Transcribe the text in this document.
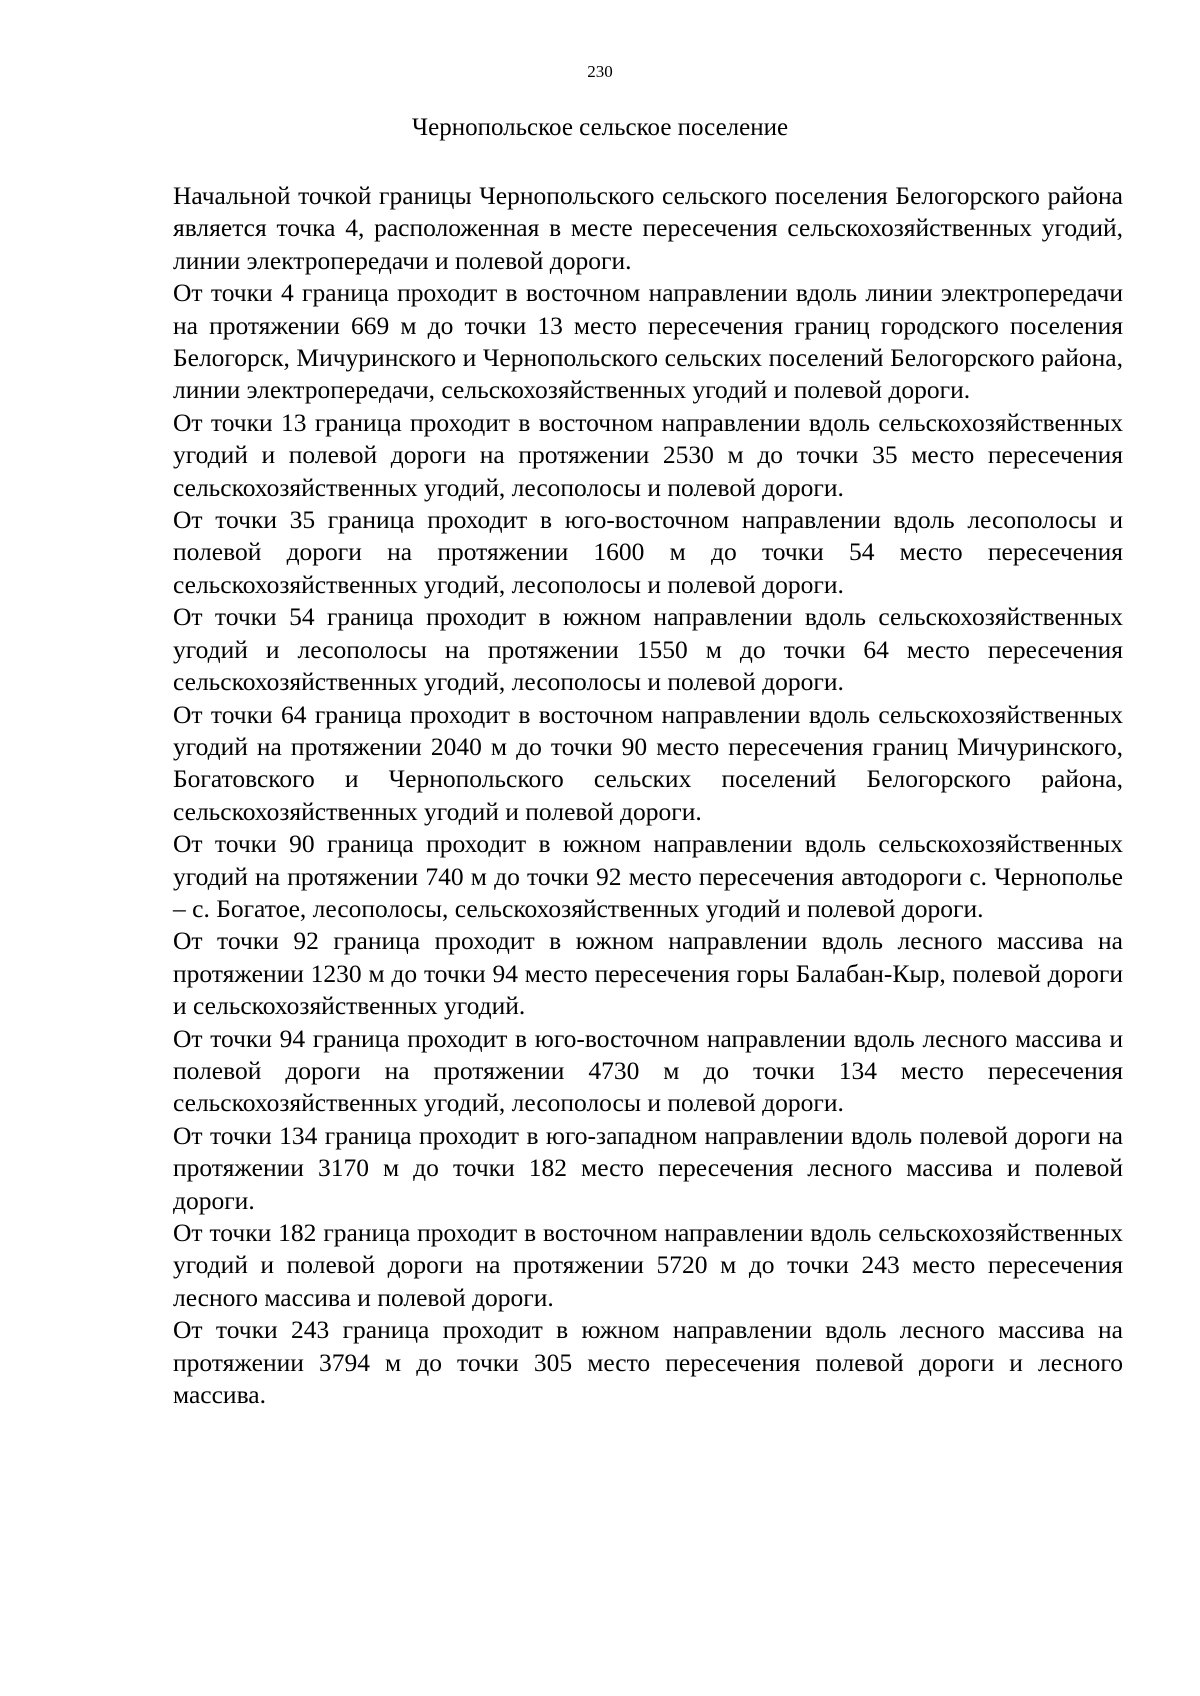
230
Чернопольское сельское поселение

Начальной точкой границы Чернопольского сельского поселения Белогорского района является точка 4, расположенная в месте пересечения сельскохозяйственных угодий, линии электропередачи и полевой дороги.

От точки 4 граница проходит в восточном направлении вдоль линии электропередачи на протяжении 669 м до точки 13 место пересечения границ городского поселения Белогорск, Мичуринского и Чернопольского сельских поселений Белогорского района, линии электропередачи, сельскохозяйственных угодий и полевой дороги.

От точки 13 граница проходит в восточном направлении вдоль сельскохозяйственных угодий и полевой дороги на протяжении 2530 м до точки 35 место пересечения сельскохозяйственных угодий, лесополосы и полевой дороги.

От точки 35 граница проходит в юго-восточном направлении вдоль лесополосы и полевой дороги на протяжении 1600 м до точки 54 место пересечения сельскохозяйственных угодий, лесополосы и полевой дороги.

От точки 54 граница проходит в южном направлении вдоль сельскохозяйственных угодий и лесополосы на протяжении 1550 м до точки 64 место пересечения сельскохозяйственных угодий, лесополосы и полевой дороги.

От точки 64 граница проходит в восточном направлении вдоль сельскохозяйственных угодий на протяжении 2040 м до точки 90 место пересечения границ Мичуринского, Богатовского и Чернопольского сельских поселений Белогорского района, сельскохозяйственных угодий и полевой дороги.

От точки 90 граница проходит в южном направлении вдоль сельскохозяйственных угодий на протяжении 740 м до точки 92 место пересечения автодороги с. Чернополье – с. Богатое, лесополосы, сельскохозяйственных угодий и полевой дороги.

От точки 92 граница проходит в южном направлении вдоль лесного массива на протяжении 1230 м до точки 94 место пересечения горы Балабан-Кыр, полевой дороги и сельскохозяйственных угодий.

От точки 94 граница проходит в юго-восточном направлении вдоль лесного массива и полевой дороги на протяжении 4730 м до точки 134 место пересечения сельскохозяйственных угодий, лесополосы и полевой дороги.

От точки 134 граница проходит в юго-западном направлении вдоль полевой дороги на протяжении 3170 м до точки 182 место пересечения лесного массива и полевой дороги.

От точки 182 граница проходит в восточном направлении вдоль сельскохозяйственных угодий и полевой дороги на протяжении 5720 м до точки 243 место пересечения лесного массива и полевой дороги.

От точки 243 граница проходит в южном направлении вдоль лесного массива на протяжении 3794 м до точки 305 место пересечения полевой дороги и лесного массива.
